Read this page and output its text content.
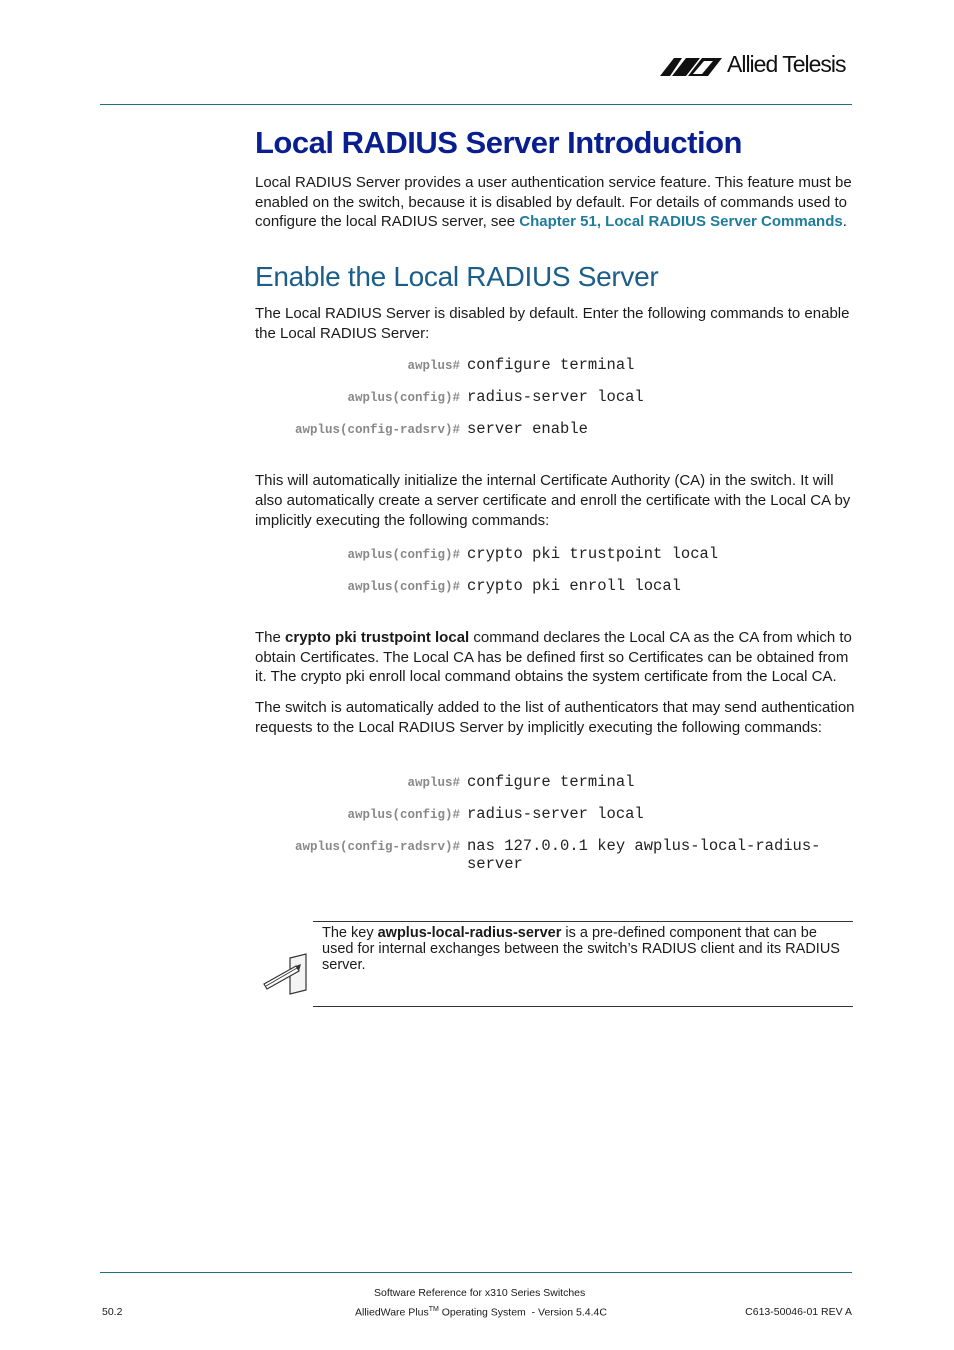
Allied Telesis
Local RADIUS Server Introduction

Local RADIUS Server provides a user authentication service feature. This feature must be enabled on the switch, because it is disabled by default. For details of commands used to configure the local RADIUS server, see Chapter 51, Local RADIUS Server Commands.

Enable the Local RADIUS Server

The Local RADIUS Server is disabled by default. Enter the following commands to enable the Local RADIUS Server:

awplus# configure terminal
awplus(config)# radius-server local
awplus(config-radsrv)# server enable

This will automatically initialize the internal Certificate Authority (CA) in the switch. It will also automatically create a server certificate and enroll the certificate with the Local CA by implicitly executing the following commands:

awplus(config)# crypto pki trustpoint local
awplus(config)# crypto pki enroll local

The crypto pki trustpoint local command declares the Local CA as the CA from which to obtain Certificates. The Local CA has be defined first so Certificates can be obtained from it. The crypto pki enroll local command obtains the system certificate from the Local CA.

The switch is automatically added to the list of authenticators that may send authentication requests to the Local RADIUS Server by implicitly executing the following commands:

awplus# configure terminal
awplus(config)# radius-server local
awplus(config-radsrv)# nas 127.0.0.1 key awplus-local-radius-server

The key awplus-local-radius-server is a pre-defined component that can be used for internal exchanges between the switch’s RADIUS client and its RADIUS server.

Software Reference for x310 Series Switches
50.2	AlliedWare Plus™ Operating System  - Version 5.4.4C	C613-50046-01 REV A
